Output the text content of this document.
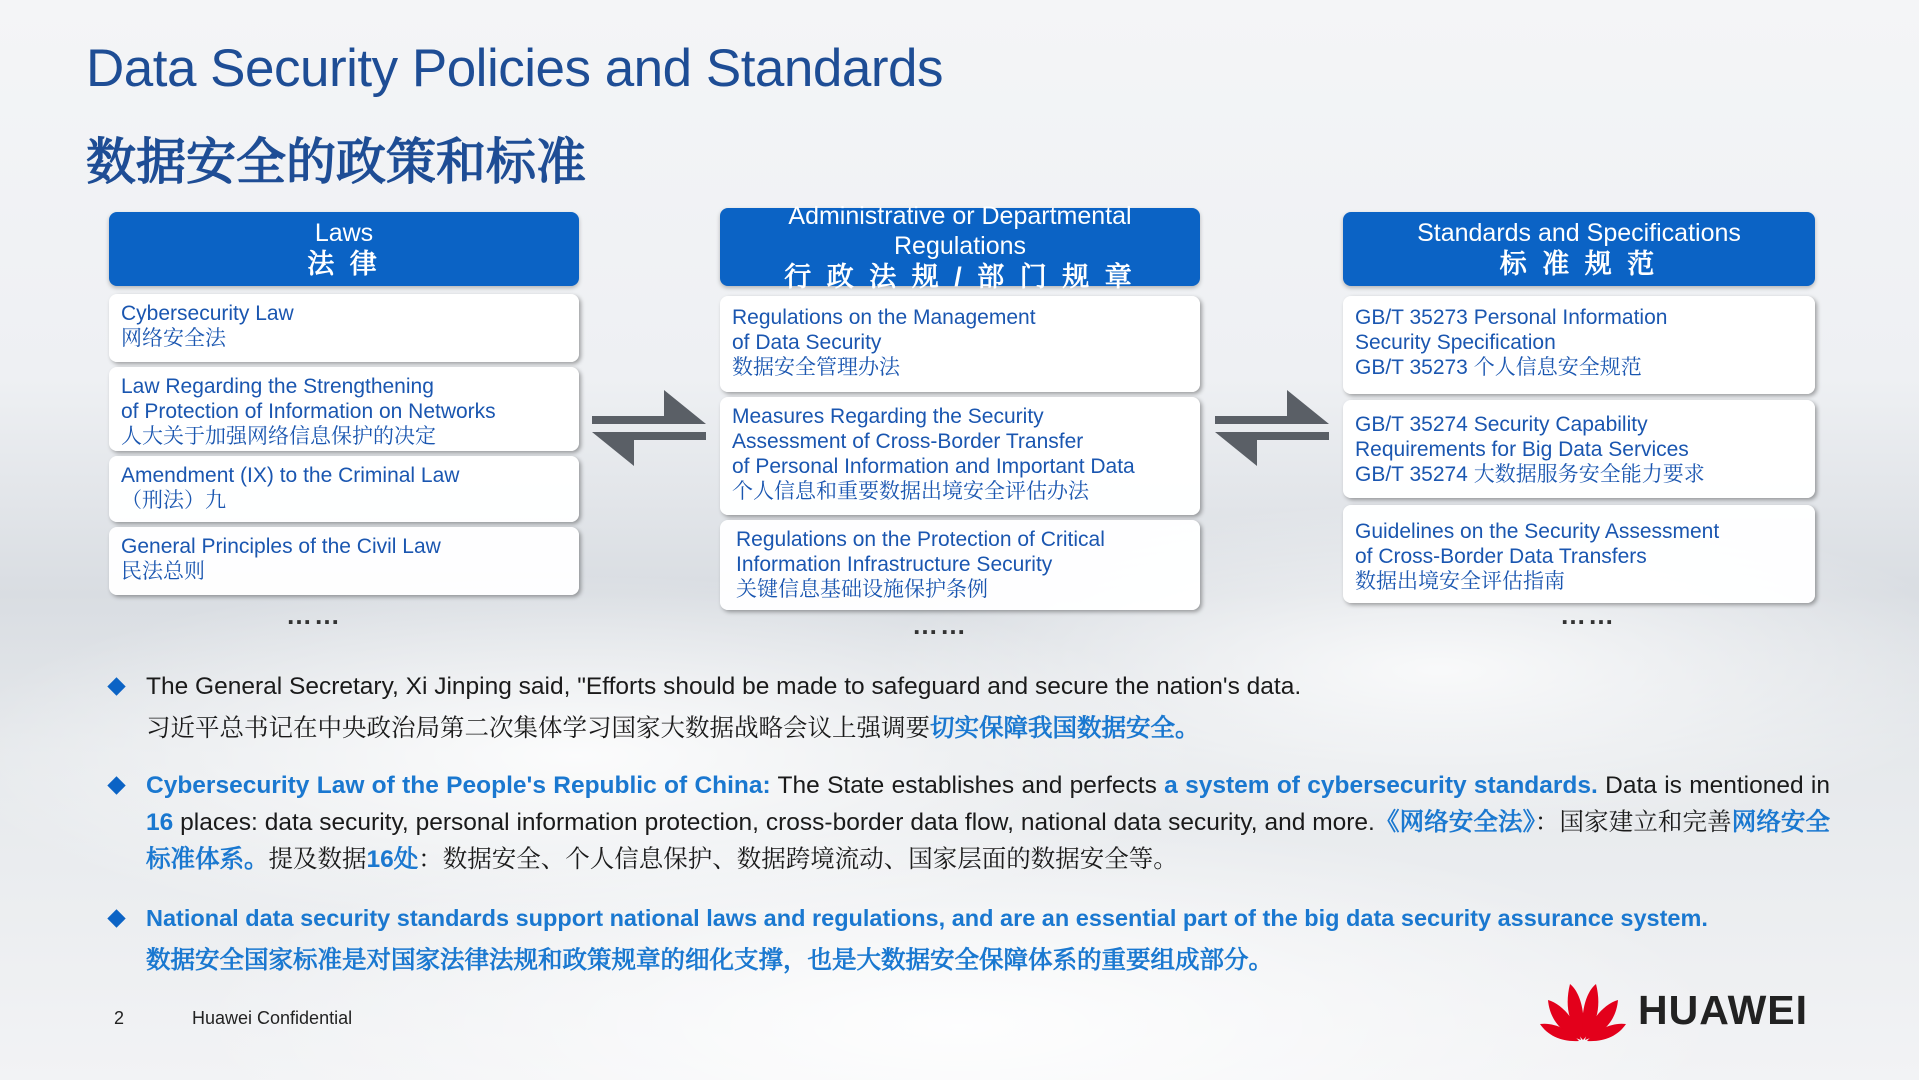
Data Security Policies and Standards
数据安全的政策和标准
Laws
法 律
Cybersecurity Law
网络安全法
Law Regarding the Strengthening
of Protection of Information on Networks
人大关于加强网络信息保护的决定
Amendment (IX) to the Criminal Law
（刑法）九
General Principles of the Civil Law
民法总则
……
Administrative or Departmental Regulations
行 政 法 规 / 部 门 规 章
Regulations on the Management
of Data Security
数据安全管理办法
Measures Regarding the Security
Assessment of Cross-Border Transfer
of Personal Information and Important Data
个人信息和重要数据出境安全评估办法
Regulations on the Protection of Critical
Information Infrastructure Security
关键信息基础设施保护条例
……
Standards and Specifications
标 准 规 范
GB/T 35273 Personal Information
Security Specification
GB/T 35273 个人信息安全规范
GB/T 35274 Security Capability
Requirements for Big Data Services
GB/T 35274 大数据服务安全能力要求
Guidelines on the Security Assessment
of Cross-Border Data Transfers
数据出境安全评估指南
……
The General Secretary, Xi Jinping said, "Efforts should be made to safeguard and secure the nation's data.
习近平总书记在中央政治局第二次集体学习国家大数据战略会议上强调要切实保障我国数据安全。
Cybersecurity Law of the People's Republic of China: The State establishes and perfects a system of cybersecurity standards. Data is mentioned in 16 places: data security, personal information protection, cross-border data flow, national data security, and more.《网络安全法》：国家建立和完善网络安全标准体系。提及数据16处：数据安全、个人信息保护、数据跨境流动、国家层面的数据安全等。
National data security standards support national laws and regulations, and are an essential part of the big data security assurance system.
数据安全国家标准是对国家法律法规和政策规章的细化支撑，也是大数据安全保障体系的重要组成部分。
2	Huawei Confidential	HUAWEI
